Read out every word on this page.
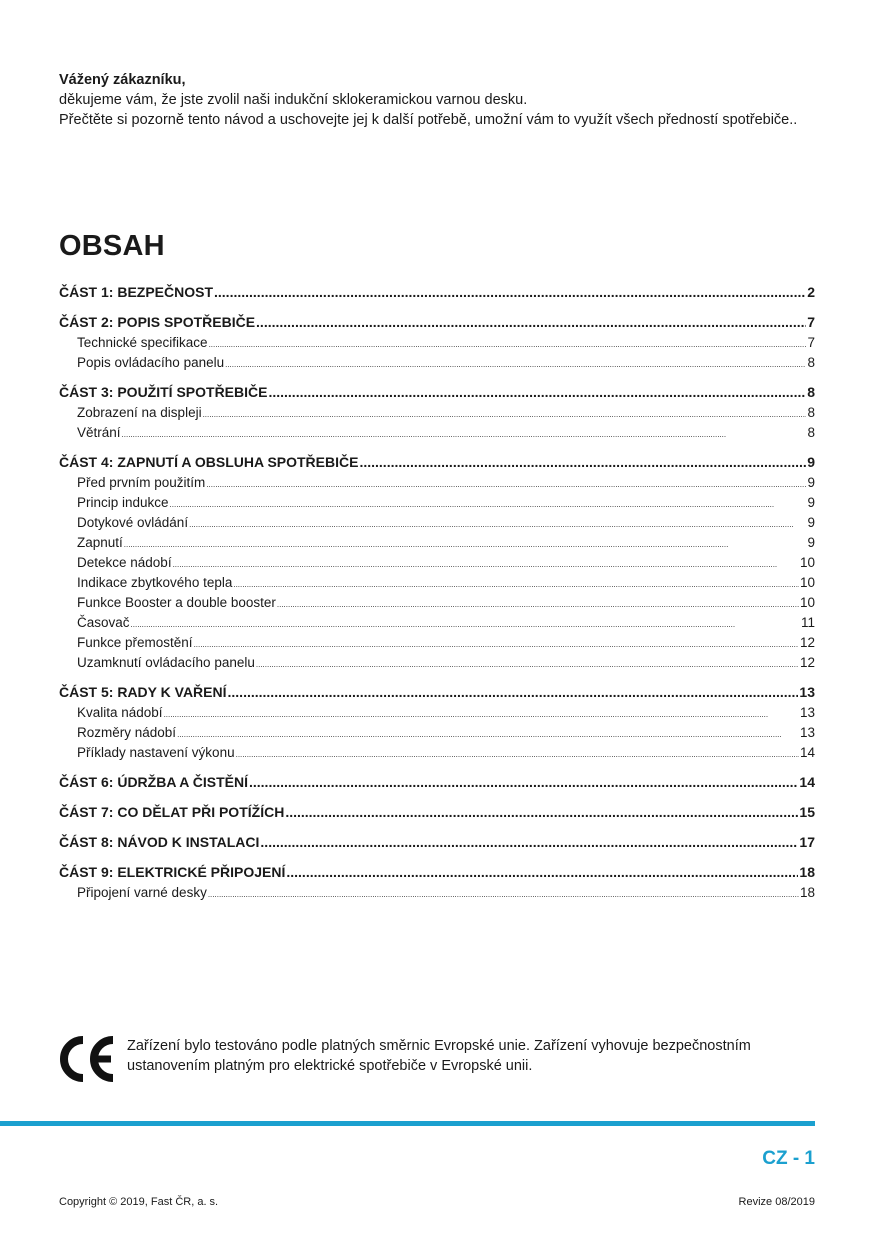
Vážený zákazníku,
děkujeme vám, že jste zvolil naši indukční sklokeramickou varnou desku.
Přečtěte si pozorně tento návod a uschovejte jej k další potřebě, umožní vám to využít všech předností spotřebiče..
OBSAH
ČÁST 1: BEZPEČNOST .....	2
ČÁST 2: POPIS SPOTŘEBIČE .....	7
Technické specifikace .....	7
Popis ovládacího panelu .....	8
ČÁST 3: POUŽITÍ SPOTŘEBIČE .....	8
Zobrazení na displeji .....	8
Větrání .....	8
ČÁST 4: ZAPNUTÍ A OBSLUHA SPOTŘEBIČE .....	9
Před prvním použitím .....	9
Princip indukce .....	9
Dotykové ovládání .....	9
Zapnutí .....	9
Detekce nádobí .....	10
Indikace zbytkového tepla .....	10
Funkce Booster a double booster .....	10
Časovač .....	11
Funkce přemostění .....	12
Uzamknutí ovládacího panelu .....	12
ČÁST 5: RADY K VAŘENÍ .....	13
Kvalita nádobí .....	13
Rozměry nádobí .....	13
Příklady nastavení výkonu .....	14
ČÁST 6: ÚDRŽBA A ČISTĚNÍ .....	14
ČÁST 7: CO DĚLAT PŘI POTÍŽÍCH .....	15
ČÁST 8: NÁVOD K INSTALACI .....	17
ČÁST 9: ELEKTRICKÉ PŘIPOJENÍ .....	18
Připojení varné desky .....	18
Zařízení bylo testováno podle platných směrnic Evropské unie. Zařízení vyhovuje bezpečnostním ustanovením platným pro elektrické spotřebiče v Evropské unii.
CZ - 1
Copyright © 2019, Fast ČR, a. s.	Revize 08/2019
